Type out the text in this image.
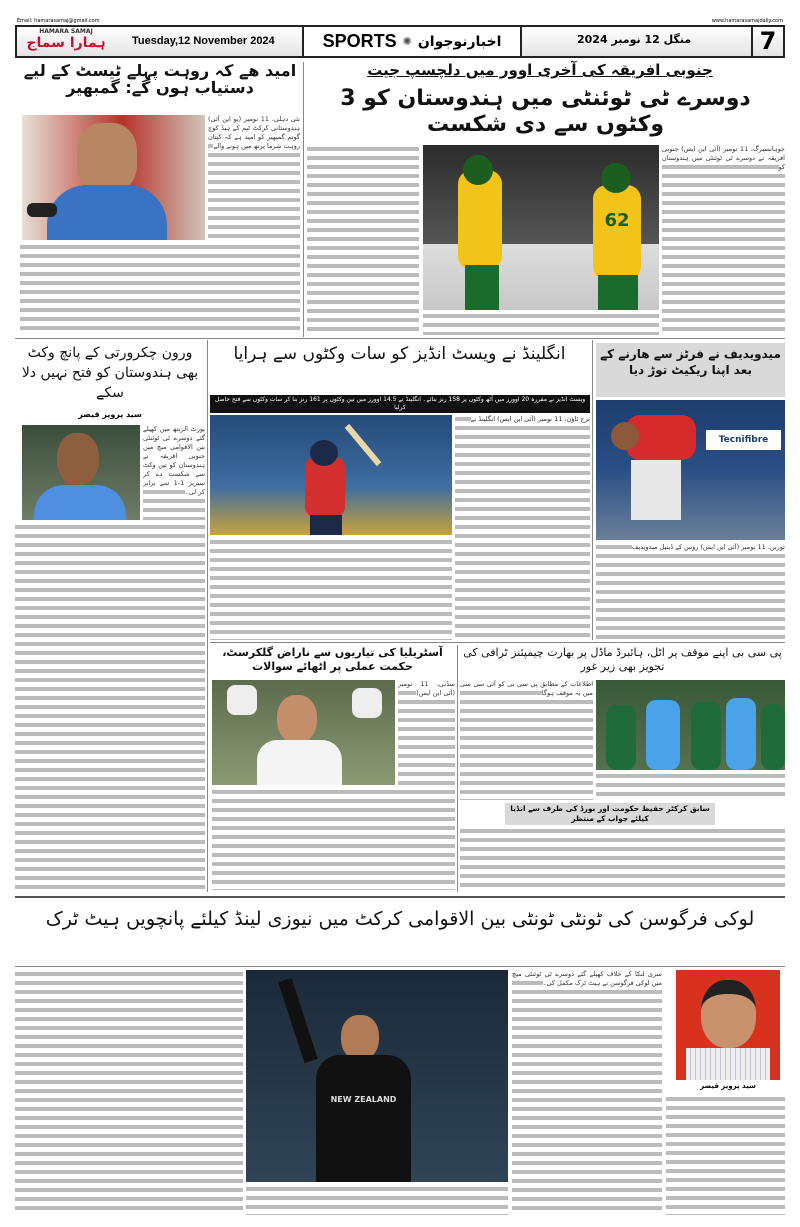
Email: hamarasamaj@gmail.com	www.hamarasamajdaily.com
HAMARA SAMAJ
ہمارا سماج	Tuesday,12 November 2024	SPORTS ✺ اخبارنوجوان	منگل 12 نومبر 2024	7
امید ھے کہ روہت پہلے ٹیسٹ کے لیے دستیاب ہوں گے: گمبھیر
نئی دہلی، 11 نومبر (یو این آئی) ہندوستانی کرکٹ ٹیم کے ہیڈ کوچ گوتم گمبھیر کو امید ہے کہ کپتان روہت شرما پرتھ میں ہونے والے
جنوبی افریقہ کی آخری اوور میں دلچسپ جیت
دوسرے ٹی ٹوئنٹی میں ہندوستان کو 3 وکٹوں سے دی شکست
جوہانسبرگ، 11 نومبر (آئی این ایس) جنوبی افریقہ نے دوسرے ٹی ٹوئنٹی میں ہندوستان کو
62
ورون چکرورتی کے پانچ وکٹ بھی ہندوستان کو فتح نہیں دلا سکے
سید پرویز قیصر
پورٹ الزبتھ میں کھیلے گئے دوسرے ٹی ٹوئنٹی بین الاقوامی میچ میں جنوبی افریقہ نے ہندوستان کو تین وکٹ سے شکست دے کر سیریز 1-1 سے برابر کر لی۔
انگلینڈ نے ویسٹ انڈیز کو سات وکٹوں سے ہرایا
ویسٹ انڈیز نے مقررہ 20 اوورز میں آٹھ وکٹوں پر 158 رنز بنائے۔ انگلینڈ نے 14.5 اوورز میں تین وکٹوں پر 161 رنز بنا کر سات وکٹوں سے فتح حاصل کرلیا
برج ٹاؤن، 11 نومبر (آئی این ایس) انگلینڈ نے
میدویدیف نے فرٹز سے ھارنے کے بعد اپنا ریکیٹ توڑ دیا
Tecnifibre
تورین، 11 نومبر (آئی این ایس) روس کے ڈینیل میدویدیف
آسٹریلیا کی تیاریوں سے ناراض گلکرسٹ، حکمت عملی پر اٹھائے سوالات
سڈنی، 11 نومبر (آئی این ایس)
پی سی بی اپنے موقف پر اٹل، ہائبرڈ ماڈل پر بھارت چیمپئنز ٹرافی کی تجویز بھی زیر غور
اطلاعات کے مطابق پی سی بی کو آئی سی سی میں یہ موقف ہوگا
سابق کرکٹر حفیظ حکومت اور بورڈ کی طرف سے انڈیا کیلئے جواب کے منتظر
لوکی فرگوسن کی ٹونٹی ٹونٹی بین الاقوامی کرکٹ میں نیوزی لینڈ کیلئے پانچویں ہیٹ ٹرک
NEW ZEALAND
سری لنکا کے خلاف کھیلے گئے دوسرے ٹی ٹوئنٹی میچ میں لوکی فرگوسن نے ہیٹ ٹرک مکمل کی۔
سید پرویز قیصر
